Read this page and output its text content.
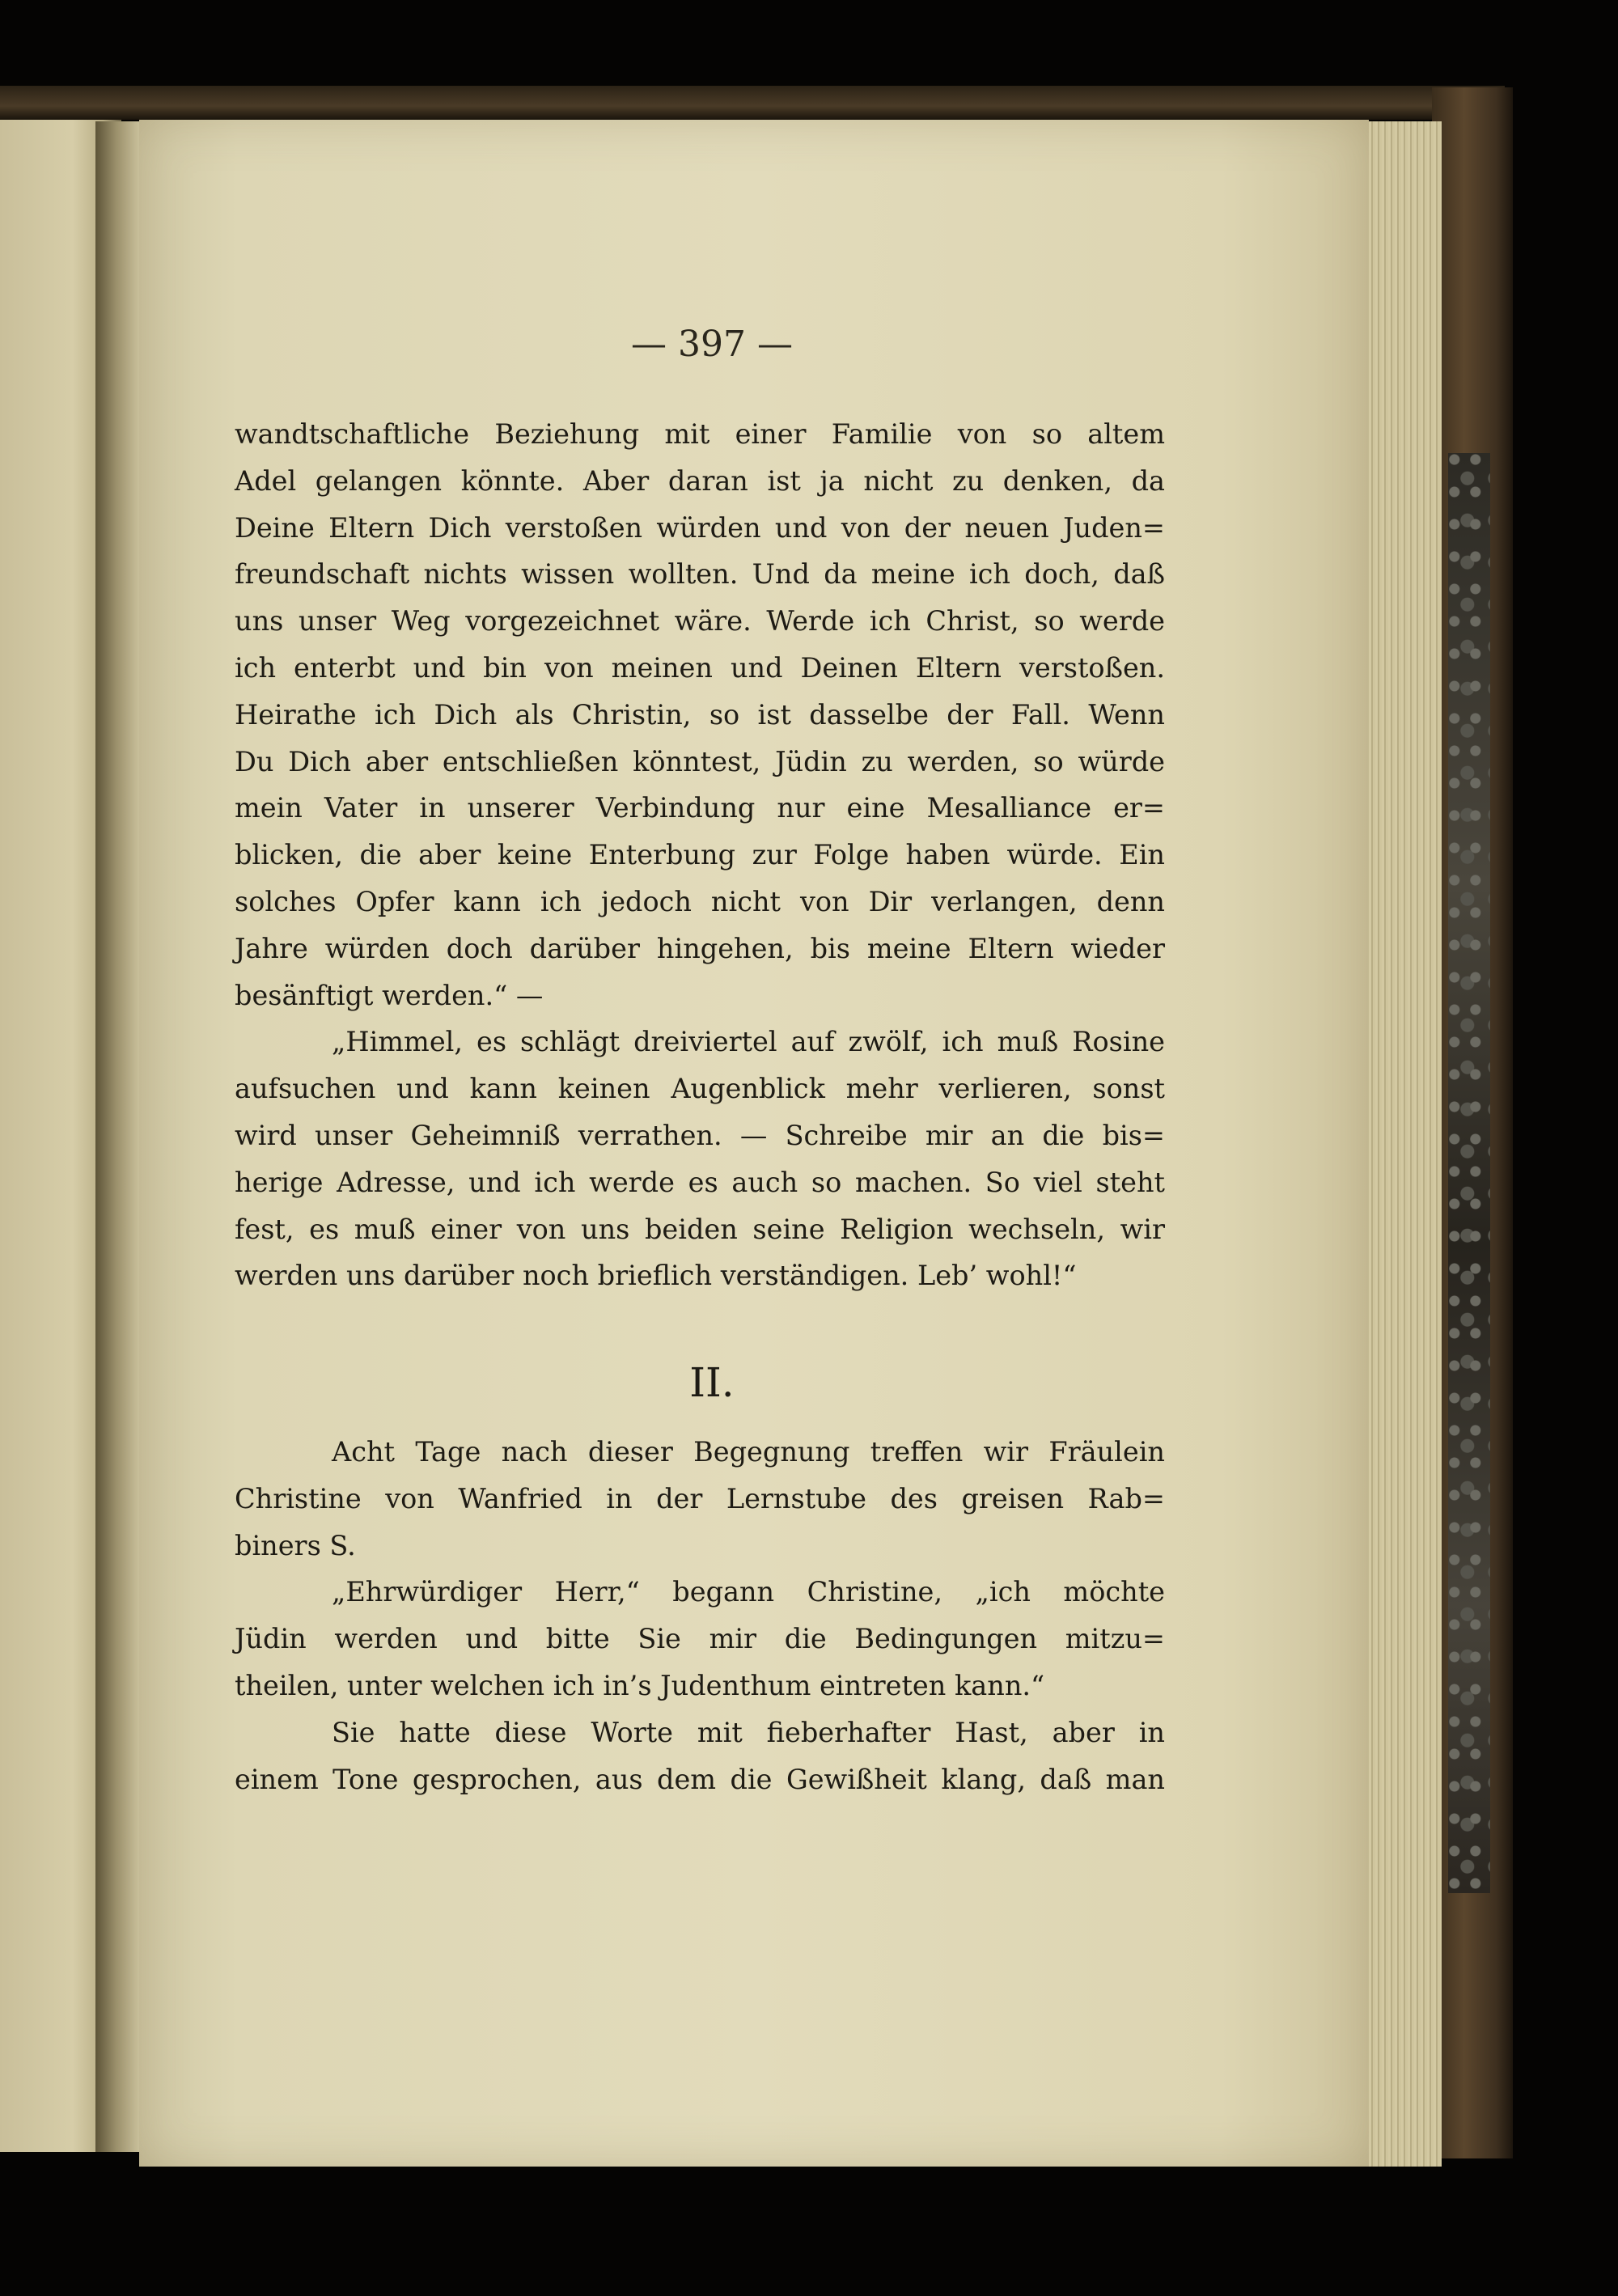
— 397 —
wandtschaftliche Beziehung mit einer Familie von so altem
Adel gelangen könnte. Aber daran ist ja nicht zu denken, da
Deine Eltern Dich verstoßen würden und von der neuen Juden=
freundschaft nichts wissen wollten. Und da meine ich doch, daß
uns unser Weg vorgezeichnet wäre. Werde ich Christ, so werde
ich enterbt und bin von meinen und Deinen Eltern verstoßen.
Heirathe ich Dich als Christin, so ist dasselbe der Fall. Wenn
Du Dich aber entschließen könntest, Jüdin zu werden, so würde
mein Vater in unserer Verbindung nur eine Mesalliance er=
blicken, die aber keine Enterbung zur Folge haben würde. Ein
solches Opfer kann ich jedoch nicht von Dir verlangen, denn
Jahre würden doch darüber hingehen, bis meine Eltern wieder
besänftigt werden.“ —
„Himmel, es schlägt dreiviertel auf zwölf, ich muß Rosine
aufsuchen und kann keinen Augenblick mehr verlieren, sonst
wird unser Geheimniß verrathen. — Schreibe mir an die bis=
herige Adresse, und ich werde es auch so machen. So viel steht
fest, es muß einer von uns beiden seine Religion wechseln, wir
werden uns darüber noch brieflich verständigen. Leb’ wohl!“
II.
Acht Tage nach dieser Begegnung treffen wir Fräulein
Christine von Wanfried in der Lernstube des greisen Rab=
biners S.
„Ehrwürdiger Herr,“ begann Christine, „ich möchte
Jüdin werden und bitte Sie mir die Bedingungen mitzu=
theilen, unter welchen ich in’s Judenthum eintreten kann.“
Sie hatte diese Worte mit fieberhafter Hast, aber in
einem Tone gesprochen, aus dem die Gewißheit klang, daß man
